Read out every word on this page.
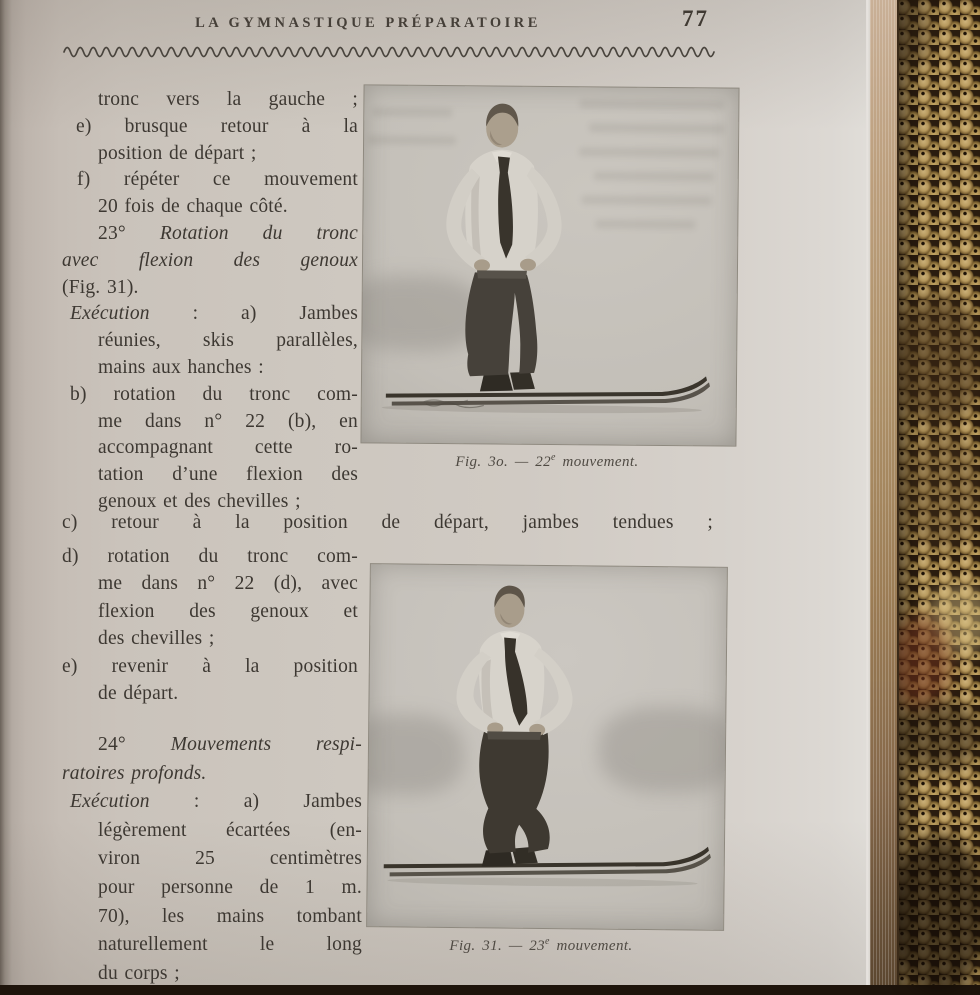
LA GYMNASTIQUE PRÉPARATOIRE	77
tronc vers la gauche ;
e) brusque retour à la
position de départ ;
f) répéter ce mouvement
20 fois de chaque côté.
23° Rotation du tronc
avec flexion des genoux
(Fig. 31).
Exécution : a) Jambes
réunies, skis parallèles,
mains aux hanches :
b) rotation du tronc com-
me dans n° 22 (b), en
accompagnant cette ro-
tation d’une flexion des
genoux et des chevilles ;
c) retour à la position de départ, jambes tendues ;
d) rotation du tronc com-
me dans n° 22 (d), avec
flexion des genoux et
des chevilles ;
e) revenir à la position
de départ.
24° Mouvements respi-
ratoires profonds.
Exécution : a) Jambes
légèrement écartées (en-
viron 25 centimètres
pour personne de 1 m.
70), les mains tombant
naturellement le long
du corps ;
Fig. 3o. — 22e mouvement.
Fig. 31. — 23e mouvement.
